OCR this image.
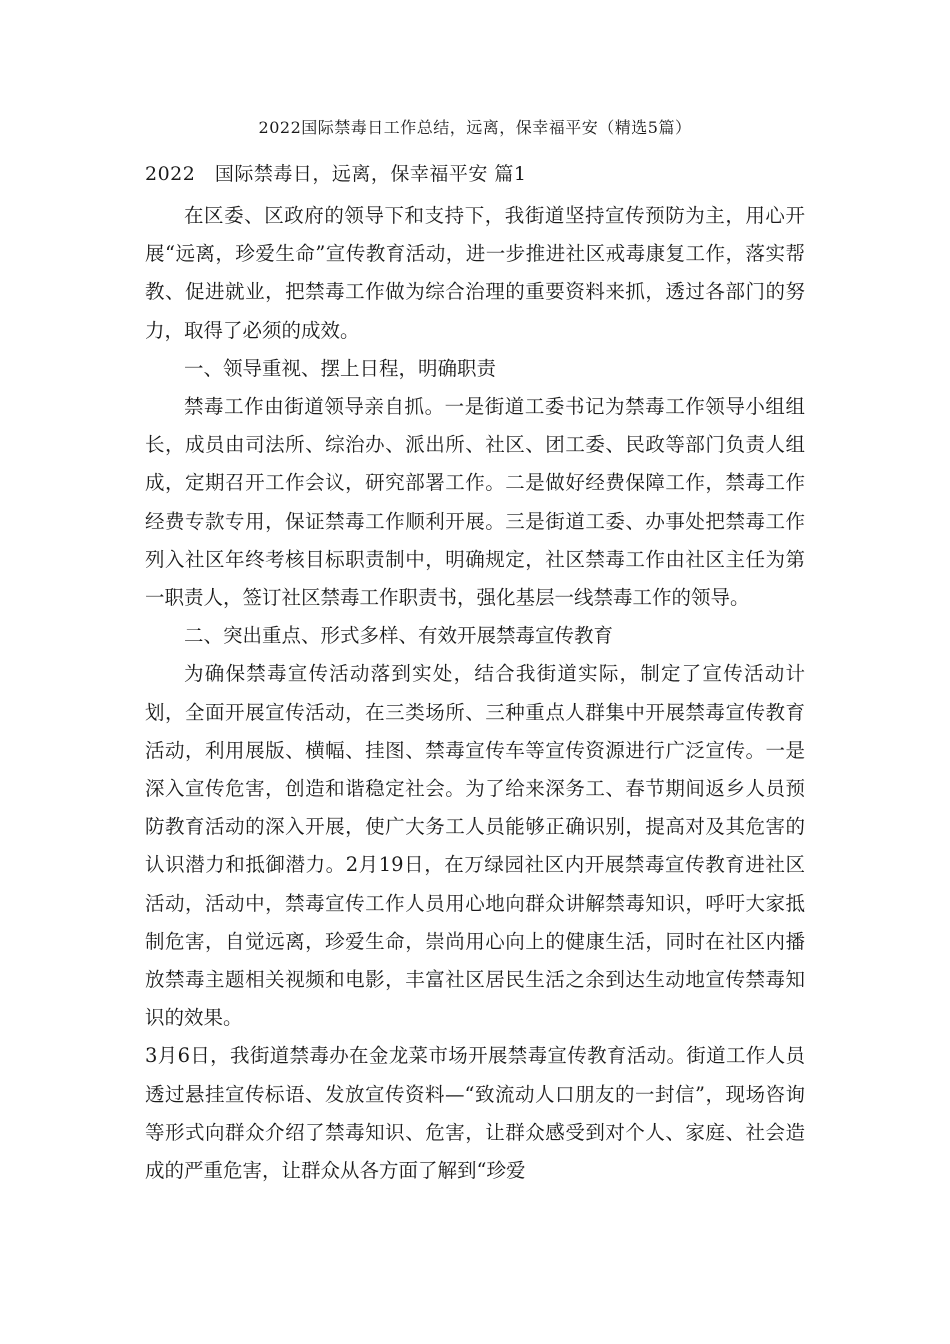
2022国际禁毒日工作总结，远离，保幸福平安（精选5篇）
2022　国际禁毒日，远离，保幸福平安 篇1

在区委、区政府的领导下和支持下，我街道坚持宣传预防为主，用心开展“远离，珍爱生命”宣传教育活动，进一步推进社区戒毒康复工作，落实帮教、促进就业，把禁毒工作做为综合治理的重要资料来抓，透过各部门的努力，取得了必须的成效。

一、领导重视、摆上日程，明确职责

禁毒工作由街道领导亲自抓。一是街道工委书记为禁毒工作领导小组组长，成员由司法所、综治办、派出所、社区、团工委、民政等部门负责人组成，定期召开工作会议，研究部署工作。二是做好经费保障工作，禁毒工作经费专款专用，保证禁毒工作顺利开展。三是街道工委、办事处把禁毒工作列入社区年终考核目标职责制中，明确规定，社区禁毒工作由社区主任为第一职责人，签订社区禁毒工作职责书，强化基层一线禁毒工作的领导。

二、突出重点、形式多样、有效开展禁毒宣传教育

为确保禁毒宣传活动落到实处，结合我街道实际，制定了宣传活动计划，全面开展宣传活动，在三类场所、三种重点人群集中开展禁毒宣传教育活动，利用展版、横幅、挂图、禁毒宣传车等宣传资源进行广泛宣传。一是深入宣传危害，创造和谐稳定社会。为了给来深务工、春节期间返乡人员预防教育活动的深入开展，使广大务工人员能够正确识别，提高对及其危害的认识潜力和抵御潜力。2月19日，在万绿园社区内开展禁毒宣传教育进社区活动，活动中，禁毒宣传工作人员用心地向群众讲解禁毒知识，呼吁大家抵制危害，自觉远离，珍爱生命，崇尚用心向上的健康生活，同时在社区内播放禁毒主题相关视频和电影，丰富社区居民生活之余到达生动地宣传禁毒知识的效果。

3月6日，我街道禁毒办在金龙菜市场开展禁毒宣传教育活动。街道工作人员透过悬挂宣传标语、发放宣传资料—“致流动人口朋友的一封信”，现场咨询等形式向群众介绍了禁毒知识、危害，让群众感受到对个人、家庭、社会造成的严重危害，让群众从各方面了解到“珍爱
